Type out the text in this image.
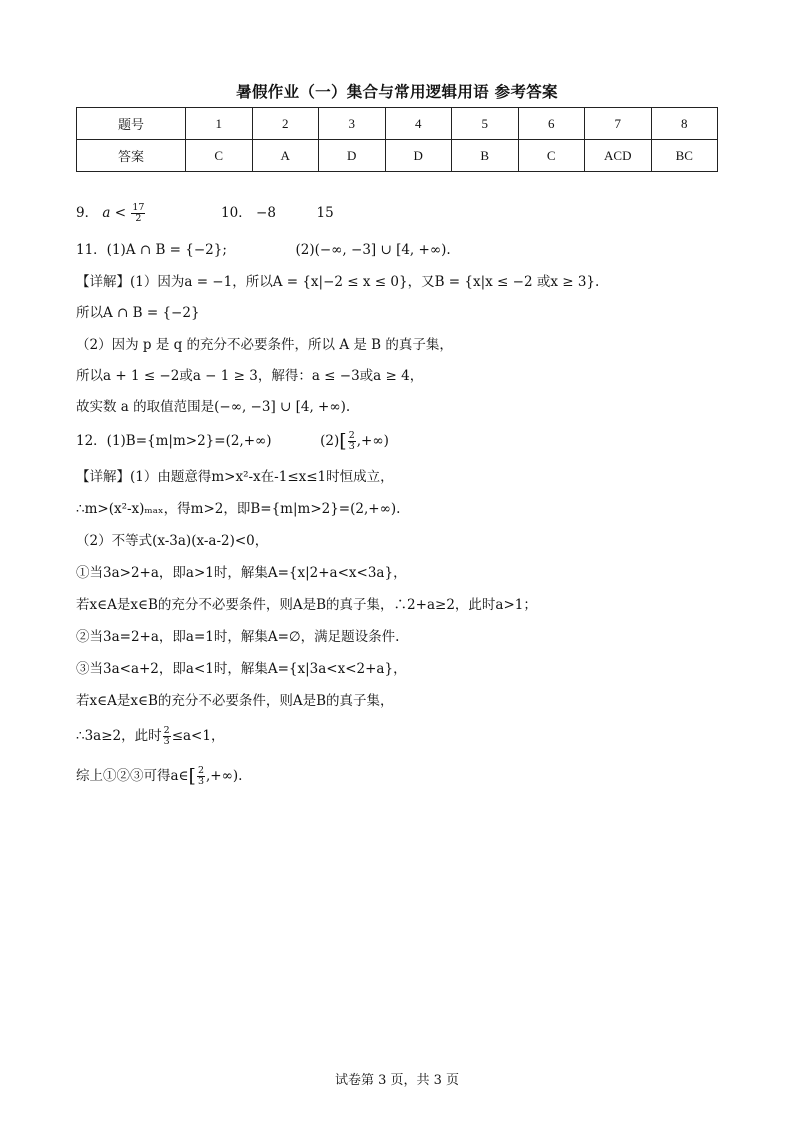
暑假作业（一）集合与常用逻辑用语 参考答案
题号	1	2	3	4	5	6	7	8
答案	C	A	D	D	B	C	ACD	BC
9． $a < \frac{17}{2}$	10． −8	15
11．(1)A ∩ B = {−2};	(2)(−∞, −3] ∪ [4, +∞).
【详解】(1）因为a = −1，所以A = {x|−2 ≤ x ≤ 0}，又B = {x|x ≤ −2 或x ≥ 3}.
所以A ∩ B = {−2}
（2）因为 p 是 q 的充分不必要条件，所以 A 是 B 的真子集，
所以a + 1 ≤ −2或a − 1 ≥ 3，解得：a ≤ −3或a ≥ 4，
故实数 a 的取值范围是(−∞, −3] ∪ [4, +∞).
12．(1)B={m|m>2}=(2,+∞)	$(2)[ \frac{2}{3}$ ,+∞)
【详解】(1）由题意得m>x²-x在-1≤x≤1时恒成立，
∴m>(x²-x)ₘₐₓ，得m>2，即B={m|m>2}=(2,+∞).
（2）不等式(x-3a)(x-a-2)<0，
①当3a>2+a，即a>1时，解集A={x|2+a<x<3a}，
若x∈A是x∈B的充分不必要条件，则A是B的真子集，∴2+a≥2，此时a>1；
②当3a=2+a，即a=1时，解集A=∅，满足题设条件.
③当3a<a+2，即a<1时，解集A={x|3a<x<2+a}，
若x∈A是x∈B的充分不必要条件，则A是B的真子集，
∴3a≥2，此时 $\frac{2}{3} \le a<1$，
综上①②③可得a∈[ $\frac{2}{3}$ ,+∞).
试卷第 3 页，共 3 页
